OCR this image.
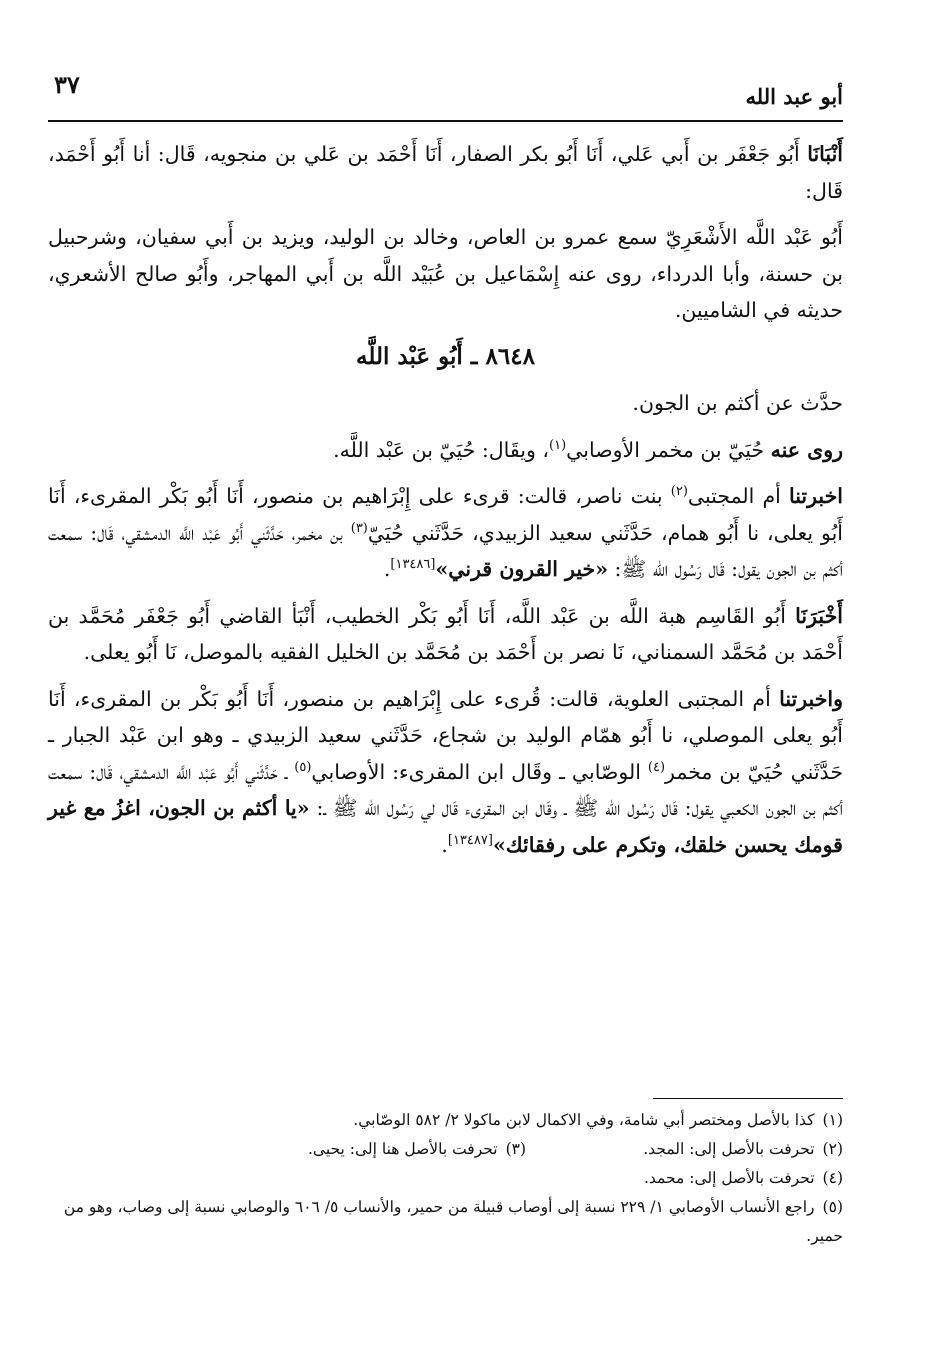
أبو عبد الله
٣٧

أَنْبَانَا أَبُو جَعْفَر بن أَبي عَلي، أَنَا أَبُو بكر الصفار، أَنَا أَحْمَد بن عَلي بن منجويه، قَال: أنا أَبُو أَحْمَد، قَال:

أَبُو عَبْد اللَّه الأَشْعَرِيّ سمع عمرو بن العاص، وخالد بن الوليد، ويزيد بن أَبي سفيان، وشرحبيل بن حسنة، وأبا الدرداء، روى عنه إِسْمَاعيل بن عُبَيْد اللَّه بن أَبي المهاجر، وأَبُو صالح الأشعري، حديثه في الشاميين.

٨٦٤٨ ـ أَبُو عَبْد اللَّه

حدَّث عن أكثم بن الجون.

روى عنه حُيَيّ بن مخمر الأوصابي$^{(١)}$، ويقَال: حُيَيّ بن عَبْد اللَّه.

اخبرتنا أم المجتبى$^{(٢)}$ بنت ناصر، قالت: قرىء على إِبْرَاهيم بن منصور، أَنَا أَبُو بَكْر المقرىء، أَنَا أَبُو يعلى، نا أَبُو همام، حَدَّثَني سعيد الزبيدي، حَدَّثَني حُيَيّ$^{(٣)}$ بن مخمر، حَدَّثَني أَبُو عَبْد اللَّه الدمشقي، قَال: سمعت أكثم بن الجون يقول: قَال رَسُول الله ﷺ: «خير القرون قرني»[١٣٤٨٦].

أَخْبَرَنَا أَبُو القَاسِم هبة اللَّه بن عَبْد اللَّه، أَنَا أَبُو بَكْر الخطيب، أَنْبَأ القاضي أَبُو جَعْفَر مُحَمَّد بن أَحْمَد بن مُحَمَّد السمناني، نَا نصر بن أَحْمَد بن مُحَمَّد بن الخليل الفقيه بالموصل، نَا أَبُو يعلى.

واخبرتنا أم المجتبى العلوية، قالت: قُرىء على إِبْرَاهيم بن منصور، أَنَا أَبُو بَكْر بن المقرىء، أَنَا أَبُو يعلى الموصلي، نا أَبُو همّام الوليد بن شجاع، حَدَّثَني سعيد الزبيدي ـ وهو ابن عَبْد الجبار ـ حَدَّثَني حُيَيّ بن مخمر$^{(٤)}$ الوصّابي ـ وقَال ابن المقرىء: الأوصابي$^{(٥)}$ ـ حَدَّثَني أَبُو عَبْد اللَّه الدمشقي، قَال: سمعت أكثم بن الجون الكعبي يقول: قَال رَسُول الله ﷺ ـ وقَال ابن المقرىء قَال لي رَسُول الله ﷺ ـ: «يا أكثم بن الجون، اغزُ مع غير قومك يحسن خلقك، وتكرم على رفقائك»[١٣٤٨٧].

(١)كذا بالأصل ومختصر أبي شامة، وفي الاكمال لابن ماكولا ٢/ ٥٨٢ الوصّابي.

(٢)تحرفت بالأصل إلى: المجد.

(٣)تحرفت بالأصل هنا إلى: يحيى.

(٤)تحرفت بالأصل إلى: محمد.

(٥)راجع الأنساب الأوصابي ١/ ٢٢٩ نسبة إلى أوصاب قبيلة من حمير، والأنساب ٥/ ٦٠٦ والوصابي نسبة إلى وصاب، وهو من حمير.
